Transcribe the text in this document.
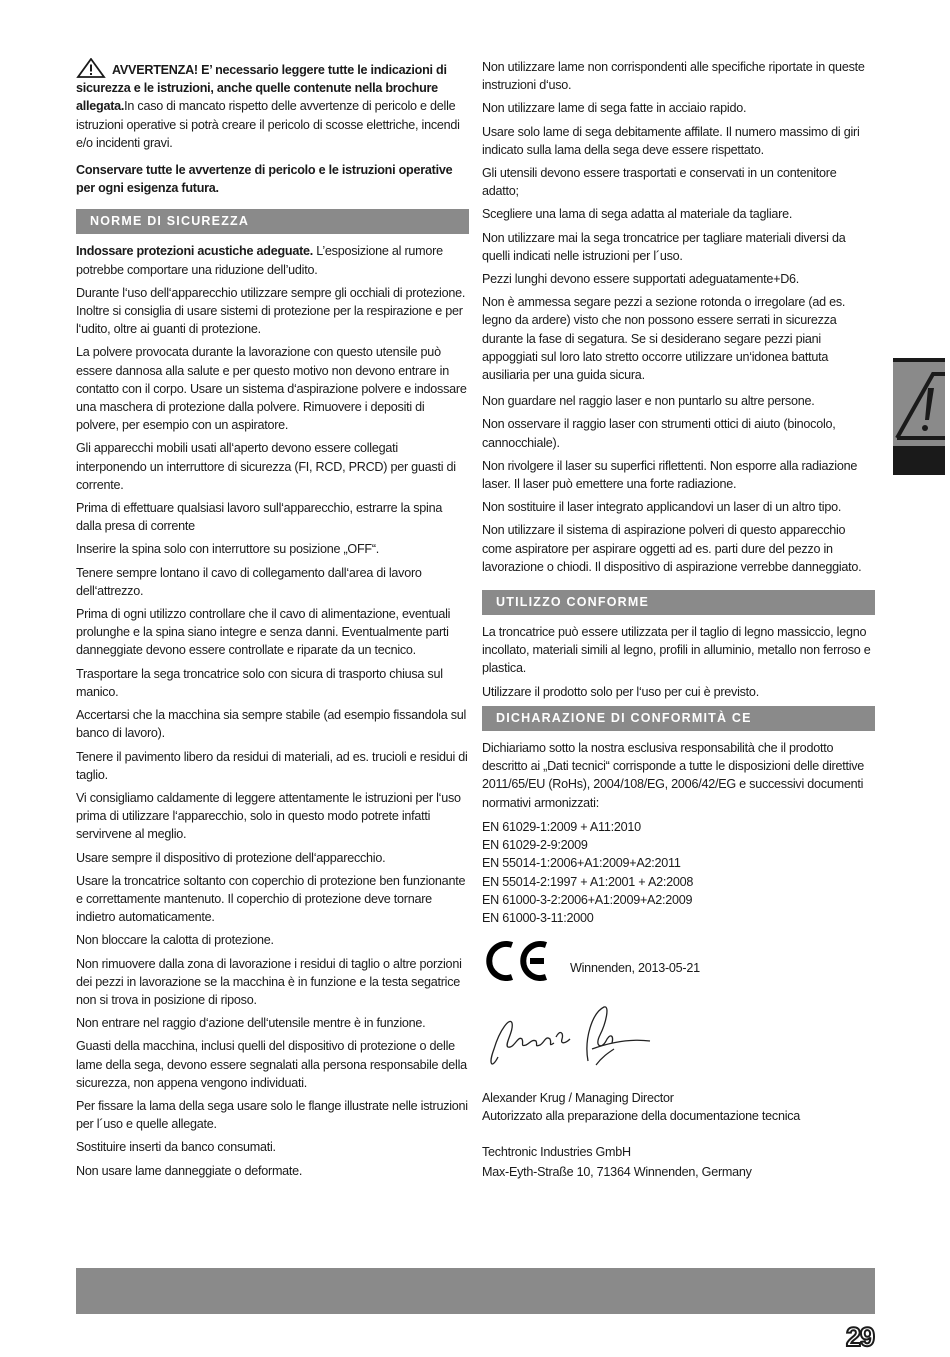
AVVERTENZA! E’ necessario leggere tutte le indicazioni di sicurezza e le istruzioni, anche quelle contenute nella brochure allegata.In caso di mancato rispetto delle avvertenze di pericolo e delle istruzioni operative si potrà creare il pericolo di scosse elettriche, incendi e/o incidenti gravi.

Conservare tutte le avvertenze di pericolo e le istruzioni operative per ogni esigenza futura.

NORME DI SICUREZZA

Indossare protezioni acustiche adeguate. L’esposizione al rumore potrebbe comportare una riduzione dell’udito.

Durante l‘uso dell‘apparecchio utilizzare sempre gli occhiali di protezione. Inoltre si consiglia di usare sistemi di protezione per la respirazione e per l‘udito, oltre ai guanti di protezione.

La polvere provocata durante la lavorazione con questo utensile può essere dannosa alla salute e per questo motivo non devono entrare in contatto con il corpo. Usare un sistema d‘aspirazione polvere e indossare una maschera di protezione dalla polvere. Rimuovere i depositi di polvere, per esempio con un aspiratore.

Gli apparecchi mobili usati all‘aperto devono essere collegati interponendo un interruttore di sicurezza (FI, RCD, PRCD) per guasti di corrente.

Prima di effettuare qualsiasi lavoro sull‘apparecchio, estrarre la spina dalla presa di corrente

Inserire la spina solo con interruttore su posizione „OFF“.

Tenere sempre lontano il cavo di collegamento dall‘area di lavoro dell‘attrezzo.

Prima di ogni utilizzo controllare che il cavo di alimentazione, eventuali prolunghe e la spina siano integre e senza danni. Eventualmente parti danneggiate devono essere controllate e riparate da un tecnico.

Trasportare la sega troncatrice solo con sicura di trasporto chiusa sul manico.

Accertarsi che la macchina sia sempre stabile (ad esempio fissandola sul banco di lavoro).

Tenere il pavimento libero da residui di materiali, ad es. trucioli e residui di taglio.

Vi consigliamo caldamente di leggere attentamente le istruzioni per l‘uso prima di utilizzare l‘apparecchio, solo in questo modo potrete infatti servirvene al meglio.

Usare sempre il dispositivo di protezione dell‘apparecchio.

Usare la troncatrice soltanto con coperchio di protezione ben funzionante e correttamente mantenuto. Il coperchio di protezione deve tornare indietro automaticamente.

Non bloccare la calotta di protezione.

Non rimuovere dalla zona di lavorazione i residui di taglio o altre porzioni dei pezzi in lavorazione se la macchina è in funzione e la testa segatrice non si trova in posizione di riposo.

Non entrare nel raggio d‘azione dell‘utensile mentre è in funzione.

Guasti della macchina, inclusi quelli del dispositivo di protezione o delle lame della sega, devono essere segnalati alla persona responsabile della sicurezza, non appena vengono individuati.

Per fissare la lama della sega usare solo le flange illustrate nelle istruzioni per l´uso e quelle allegate.

Sostituire inserti da banco consumati.

Non usare lame danneggiate o deformate.

Non utilizzare lame non corrispondenti alle specifiche riportate in queste instruzioni d‘uso.

Non utilizzare lame di sega fatte in acciaio rapido.

Usare solo lame di sega debitamente affilate. Il numero massimo di giri indicato sulla lama della sega deve essere rispettato.

Gli utensili devono essere trasportati e conservati in un contenitore adatto;

Scegliere una lama di sega adatta al materiale da tagliare.

Non utilizzare mai la sega troncatrice per tagliare materiali diversi da quelli indicati nelle istruzioni per l´uso.

Pezzi lunghi devono essere supportati adeguatamente+D6.

Non è ammessa segare pezzi a sezione rotonda o irregolare (ad es. legno da ardere) visto che non possono essere serrati in sicurezza durante la fase di segatura. Se si desiderano segare pezzi piani appoggiati sul loro lato stretto occorre utilizzare un‘idonea battuta ausiliaria per una guida sicura.

Non guardare nel raggio laser e non puntarlo su altre persone.

Non osservare il raggio laser con strumenti ottici di aiuto (binocolo, cannocchiale).

Non rivolgere il laser su superfici riflettenti. Non esporre alla radiazione laser. Il laser può emettere una forte radiazione.

Non sostituire il laser integrato applicandovi un laser di un altro tipo.

Non utilizzare il sistema di aspirazione polveri di questo apparecchio come aspiratore per aspirare oggetti ad es. parti dure del pezzo in lavorazione o chiodi. Il dispositivo di aspirazione verrebbe danneggiato.

UTILIZZO CONFORME

La troncatrice può essere utilizzata per il taglio di legno massiccio, legno incollato, materiali simili al legno, profili in alluminio, metallo non ferroso e plastica.

Utilizzare il prodotto solo per l‘uso per cui è previsto.

DICHARAZIONE DI CONFORMITÀ CE

Dichiariamo sotto la nostra esclusiva responsabilità che il prodotto descritto ai „Dati tecnici“ corrisponde a tutte le disposizioni delle direttive 2011/65/EU (RoHs), 2004/108/EG, 2006/42/EG e successivi documenti normativi armonizzati:

EN 61029-1:2009 + A11:2010
EN 61029-2-9:2009
EN 55014-1:2006+A1:2009+A2:2011
EN 55014-2:1997 + A1:2001 + A2:2008
EN 61000-3-2:2006+A1:2009+A2:2009
EN 61000-3-11:2000
Winnenden, 2013-05-21

Alexander Krug / Managing Director

Autorizzato alla preparazione della documentazione tecnica

Techtronic Industries GmbH

Max-Eyth-Straße 10, 71364 Winnenden, Germany

29
